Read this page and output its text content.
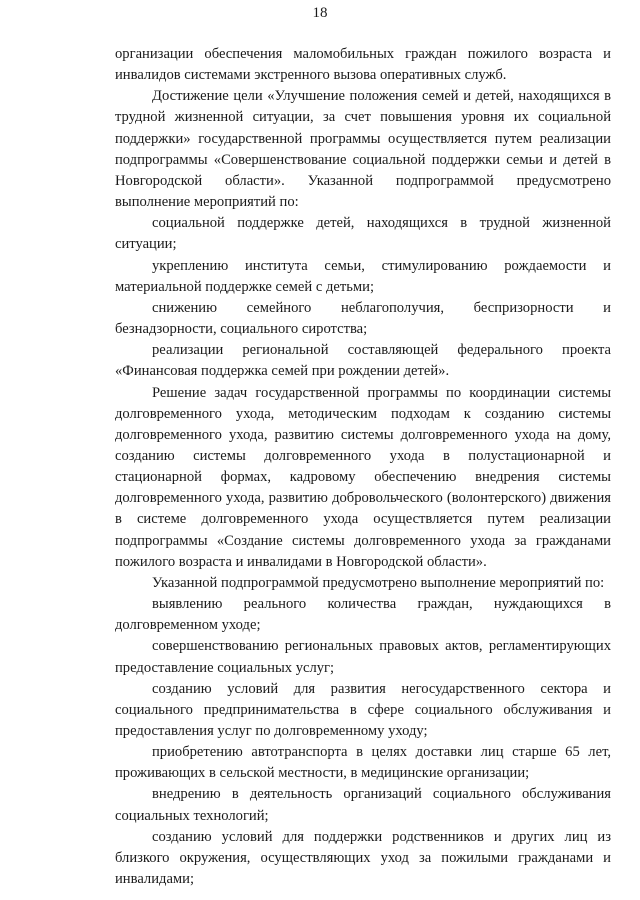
18

организации обеспечения маломобильных граждан пожилого возраста и инвалидов системами экстренного вызова оперативных служб.

Достижение цели «Улучшение положения семей и детей, находящихся в трудной жизненной ситуации, за счет повышения уровня их социальной поддержки» государственной программы осуществляется путем реализации подпрограммы «Совершенствование социальной поддержки семьи и детей в Новгородской области». Указанной подпрограммой предусмотрено выполнение мероприятий по:

социальной поддержке детей, находящихся в трудной жизненной ситуации;

укреплению института семьи, стимулированию рождаемости и материальной поддержке семей с детьми;

снижению семейного неблагополучия, беспризорности и безнадзорности, социального сиротства;

реализации региональной составляющей федерального проекта «Финансовая поддержка семей при рождении детей».

Решение задач государственной программы по координации системы долговременного ухода, методическим подходам к созданию системы долговременного ухода, развитию системы долговременного ухода на дому, созданию системы долговременного ухода в полустационарной и стационарной формах, кадровому обеспечению внедрения системы долговременного ухода, развитию добровольческого (волонтерского) движения в системе долговременного ухода осуществляется путем реализации подпрограммы «Создание системы долговременного ухода за гражданами пожилого возраста и инвалидами в Новгородской области».

Указанной подпрограммой предусмотрено выполнение мероприятий по:

выявлению реального количества граждан, нуждающихся в долговременном уходе;

совершенствованию региональных правовых актов, регламентирующих предоставление социальных услуг;

созданию условий для развития негосударственного сектора и социального предпринимательства в сфере социального обслуживания и предоставления услуг по долговременному уходу;

приобретению автотранспорта в целях доставки лиц старше 65 лет, проживающих в сельской местности, в медицинские организации;

внедрению в деятельность организаций социального обслуживания социальных технологий;

созданию условий для поддержки родственников и других лиц из близкого окружения, осуществляющих уход за пожилыми гражданами и инвалидами;
